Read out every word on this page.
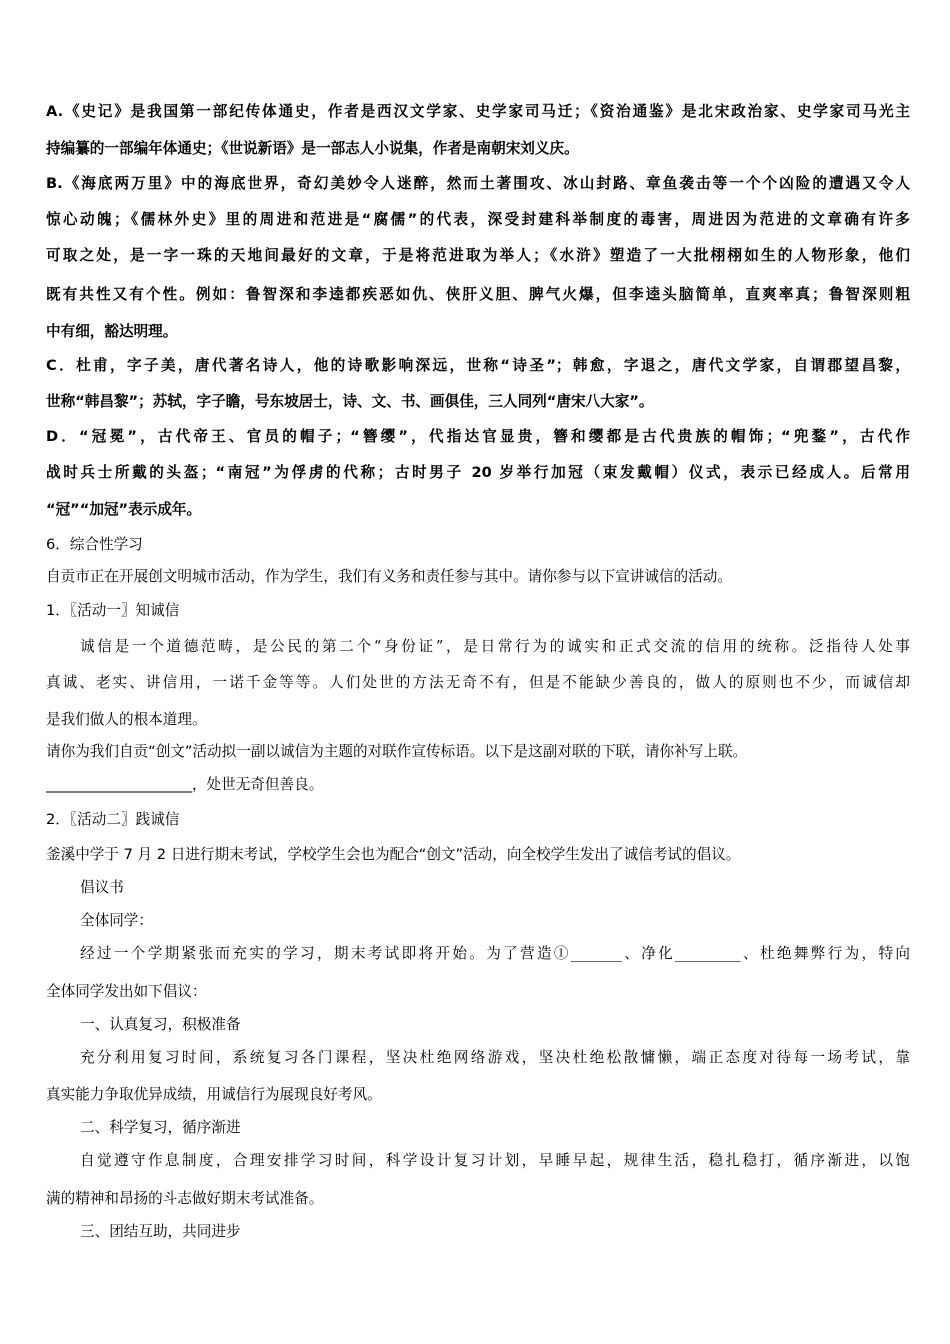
A.《史记》是我国第一部纪传体通史，作者是西汉文学家、史学家司马迁；《资治通鉴》是北宋政治家、史学家司马光主
持编纂的一部编年体通史；《世说新语》是一部志人小说集，作者是南朝宋刘义庆。
B.《海底两万里》中的海底世界，奇幻美妙令人迷醉，然而土著围攻、冰山封路、章鱼袭击等一个个凶险的遭遇又令人
惊心动魄；《儒林外史》里的周进和范进是“腐儒”的代表，深受封建科举制度的毒害，周进因为范进的文章确有许多
可取之处，是一字一珠的天地间最好的文章，于是将范进取为举人；《水浒》塑造了一大批栩栩如生的人物形象，他们
既有共性又有个性。例如：鲁智深和李逵都疾恶如仇、侠肝义胆、脾气火爆，但李逵头脑简单，直爽率真；鲁智深则粗
中有细，豁达明理。
C．杜甫，字子美，唐代著名诗人，他的诗歌影响深远，世称“诗圣”；韩愈，字退之，唐代文学家，自谓郡望昌黎，
世称“韩昌黎”；苏轼，字子瞻，号东坡居士，诗、文、书、画俱佳，三人同列“唐宋八大家”。
D．“冠冕”，古代帝王、官员的帽子；“簪缨”，代指达官显贵，簪和缨都是古代贵族的帽饰；“兜鍪”，古代作
战时兵士所戴的头盔；“南冠”为俘虏的代称；古时男子 20 岁举行加冠（束发戴帽）仪式，表示已经成人。后常用
“冠”“加冠”表示成年。
6．综合性学习
自贡市正在开展创文明城市活动，作为学生，我们有义务和责任参与其中。请你参与以下宣讲诚信的活动。
1．〖活动一〗知诚信
诚信是一个道德范畴，是公民的第二个“身份证”，是日常行为的诚实和正式交流的信用的统称。泛指待人处事
真诚、老实、讲信用，一诺千金等等。人们处世的方法无奇不有，但是不能缺少善良的，做人的原则也不少，而诚信却
是我们做人的根本道理。
请你为我们自贡“创文”活动拟一副以诚信为主题的对联作宣传标语。以下是这副对联的下联，请你补写上联。
____________________，处世无奇但善良。
2．〖活动二〗践诚信
釜溪中学于 7 月 2 日进行期末考试，学校学生会也为配合“创文”活动，向全校学生发出了诚信考试的倡议。
倡议书
全体同学：
经过一个学期紧张而充实的学习，期末考试即将开始。为了营造①_______、净化_________、杜绝舞弊行为，特向
全体同学发出如下倡议：
一、认真复习，积极准备
充分利用复习时间，系统复习各门课程，坚决杜绝网络游戏，坚决杜绝松散慵懒，端正态度对待每一场考试，靠
真实能力争取优异成绩，用诚信行为展现良好考风。
二、科学复习，循序渐进
自觉遵守作息制度，合理安排学习时间，科学设计复习计划，早睡早起，规律生活，稳扎稳打，循序渐进，以饱
满的精神和昂扬的斗志做好期末考试准备。
三、团结互助，共同进步
